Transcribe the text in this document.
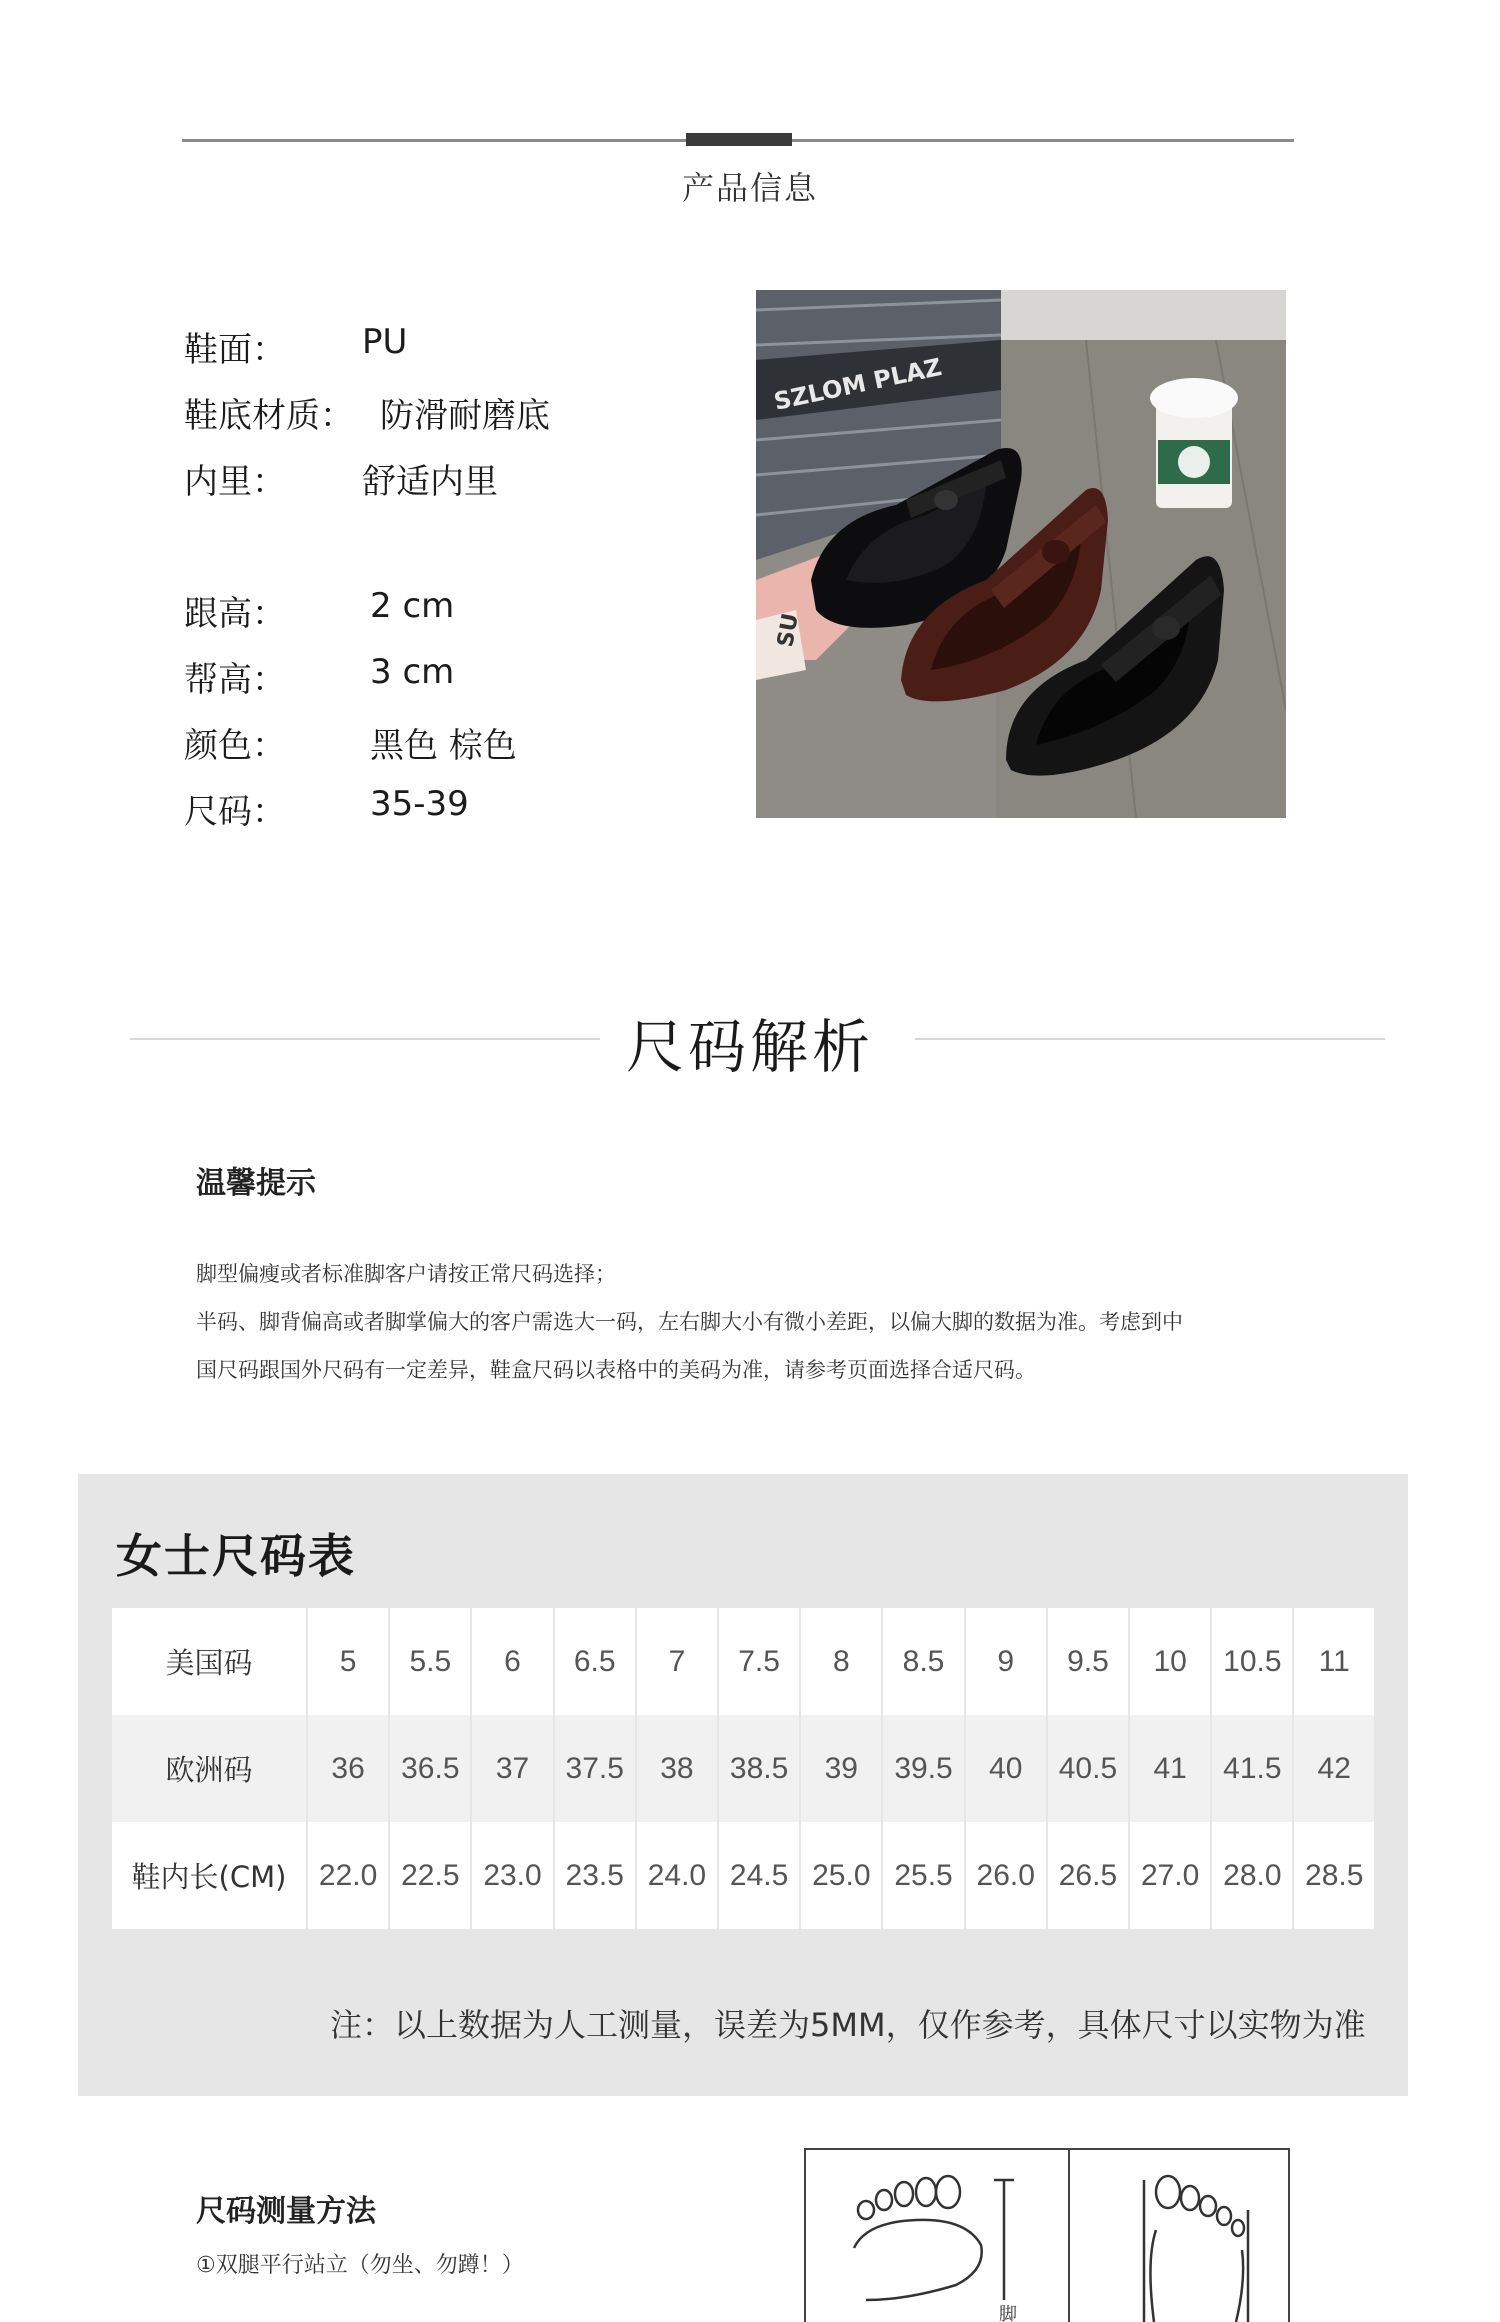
产品信息
鞋面： PU
鞋底材质： 防滑耐磨底
内里： 舒适内里
跟高： 2 cm
帮高： 3 cm
颜色： 黑色 棕色
尺码： 35-39
SZLOM PLAZ
SU
尺码解析
温馨提示
脚型偏瘦或者标准脚客户请按正常尺码选择；
半码、脚背偏高或者脚掌偏大的客户需选大一码，左右脚大小有微小差距，以偏大脚的数据为准。考虑到中
国尺码跟国外尺码有一定差异，鞋盒尺码以表格中的美码为准，请参考页面选择合适尺码。
女士尺码表
美国码	5	5.5	6	6.5	7	7.5	8	8.5	9	9.5	10	10.5	11
欧洲码	36	36.5	37	37.5	38	38.5	39	39.5	40	40.5	41	41.5	42
鞋内长(CM)	22.0	22.5	23.0	23.5	24.0	24.5	25.0	25.5	26.0	26.5	27.0	28.0	28.5
注：以上数据为人工测量，误差为5MM，仅作参考，具体尺寸以实物为准
尺码测量方法
①双腿平行站立（勿坐、勿蹲！）
脚
